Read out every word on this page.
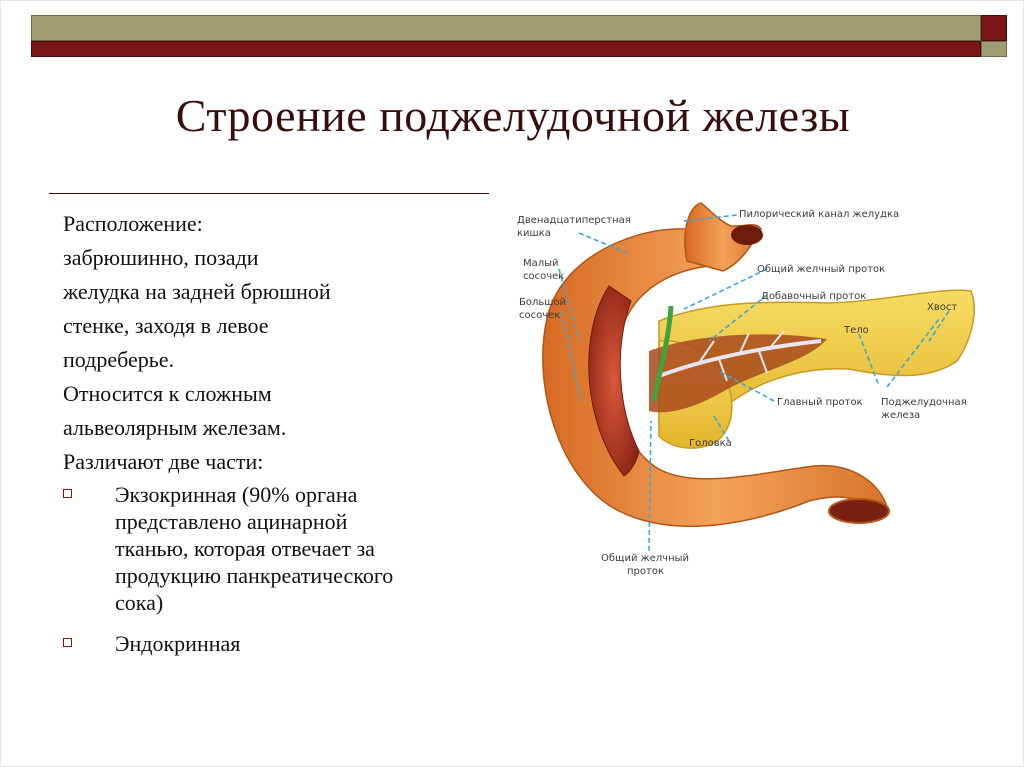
Строение поджелудочной железы
Расположение:
забрюшинно, позади
желудка на задней брюшной
стенке, заходя в левое
подреберье.
Относится к сложным
альвеолярным железам.
Различают две части:
Экзокринная (90% органа
представлено ацинарной
тканью, которая отвечает за
продукцию панкреатического
сока)
Эндокринная
Двенадцатиперстная
кишка
Пилорический канал желудка
Общий желчный проток
Добавочный проток
Малый
сосочек
Большой
сосочек
Хвост
Тело
Главный проток Поджелудочная
железа
Головка
Общий желчный
проток
